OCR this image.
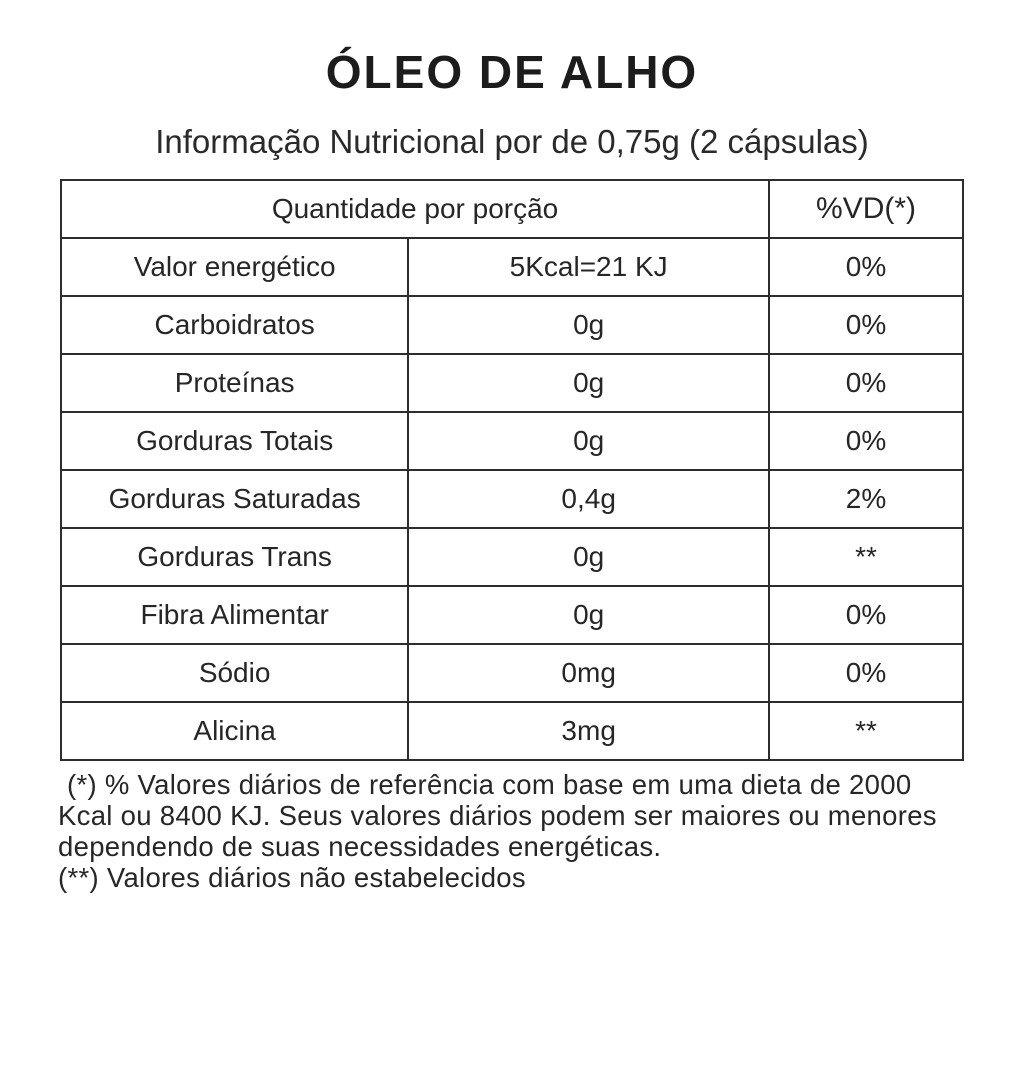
ÓLEO DE ALHO
Informação Nutricional por de 0,75g (2 cápsulas)
Quantidade por porção		%VD(*)
Valor energético	5Kcal=21 KJ	0%
Carboidratos	0g	0%
Proteínas	0g	0%
Gorduras Totais	0g	0%
Gorduras Saturadas	0,4g	2%
Gorduras Trans	0g	**
Fibra Alimentar	0g	0%
Sódio	0mg	0%
Alicina	3mg	**
(*) % Valores diários de referência com base em uma dieta de 2000
Kcal ou 8400 KJ. Seus valores diários podem ser maiores ou menores
dependendo de suas necessidades energéticas.
(**) Valores diários não estabelecidos
